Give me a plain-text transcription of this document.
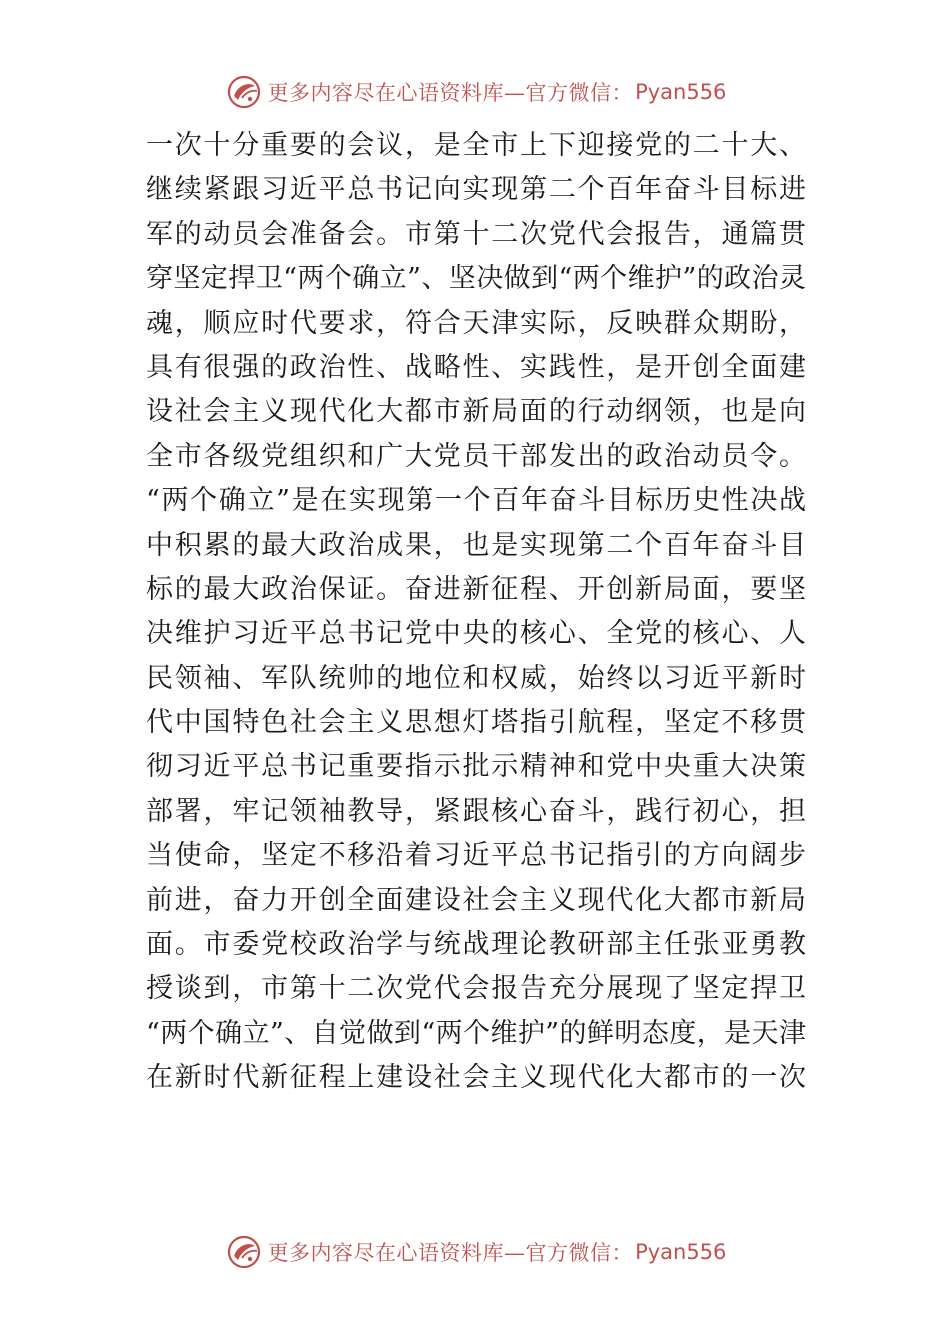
更多内容尽在心语资料库—官方微信： Pyan556
一次十分重要的会议，是全市上下迎接党的二十大、
继续紧跟习近平总书记向实现第二个百年奋斗目标进
军的动员会准备会。市第十二次党代会报告，通篇贯
穿坚定捍卫“两个确立”、坚决做到“两个维护”的政治灵
魂，顺应时代要求，符合天津实际，反映群众期盼，
具有很强的政治性、战略性、实践性，是开创全面建
设社会主义现代化大都市新局面的行动纲领，也是向
全市各级党组织和广大党员干部发出的政治动员令。
“两个确立”是在实现第一个百年奋斗目标历史性决战
中积累的最大政治成果，也是实现第二个百年奋斗目
标的最大政治保证。奋进新征程、开创新局面，要坚
决维护习近平总书记党中央的核心、全党的核心、人
民领袖、军队统帅的地位和权威，始终以习近平新时
代中国特色社会主义思想灯塔指引航程，坚定不移贯
彻习近平总书记重要指示批示精神和党中央重大决策
部署，牢记领袖教导，紧跟核心奋斗，践行初心，担
当使命，坚定不移沿着习近平总书记指引的方向阔步
前进，奋力开创全面建设社会主义现代化大都市新局
面。市委党校政治学与统战理论教研部主任张亚勇教
授谈到，市第十二次党代会报告充分展现了坚定捍卫
“两个确立”、自觉做到“两个维护”的鲜明态度，是天津
在新时代新征程上建设社会主义现代化大都市的一次
更多内容尽在心语资料库—官方微信： Pyan556
